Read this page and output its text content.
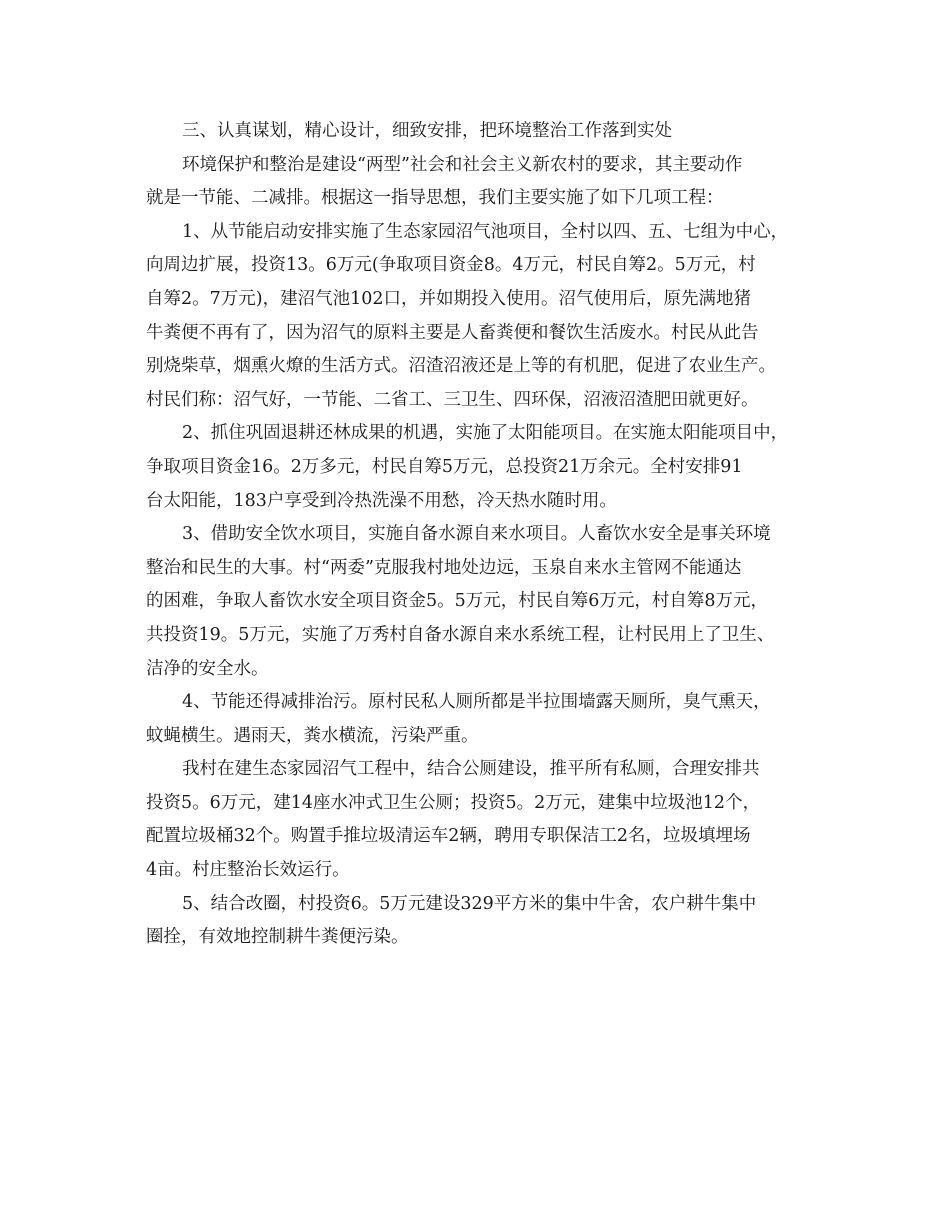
三、认真谋划，精心设计，细致安排，把环境整治工作落到实处
环境保护和整治是建设“两型”社会和社会主义新农村的要求，其主要动作
就是一节能、二减排。根据这一指导思想，我们主要实施了如下几项工程：
1、从节能启动安排实施了生态家园沼气池项目，全村以四、五、七组为中心，
向周边扩展，投资13。6万元(争取项目资金8。4万元，村民自筹2。5万元，村
自筹2。7万元)，建沼气池102口，并如期投入使用。沼气使用后，原先满地猪
牛粪便不再有了，因为沼气的原料主要是人畜粪便和餐饮生活废水。村民从此告
别烧柴草，烟熏火燎的生活方式。沼渣沼液还是上等的有机肥，促进了农业生产。
村民们称：沼气好，一节能、二省工、三卫生、四环保，沼液沼渣肥田就更好。
2、抓住巩固退耕还林成果的机遇，实施了太阳能项目。在实施太阳能项目中，
争取项目资金16。2万多元，村民自筹5万元，总投资21万余元。全村安排91
台太阳能，183户享受到冷热洗澡不用愁，冷天热水随时用。
3、借助安全饮水项目，实施自备水源自来水项目。人畜饮水安全是事关环境
整治和民生的大事。村“两委”克服我村地处边远，玉泉自来水主管网不能通达
的困难，争取人畜饮水安全项目资金5。5万元，村民自筹6万元，村自筹8万元，
共投资19。5万元，实施了万秀村自备水源自来水系统工程，让村民用上了卫生、
洁净的安全水。
4、节能还得减排治污。原村民私人厕所都是半拉围墙露天厕所，臭气熏天，
蚊蝇横生。遇雨天，粪水横流，污染严重。
我村在建生态家园沼气工程中，结合公厕建设，推平所有私厕，合理安排共
投资5。6万元，建14座水冲式卫生公厕；投资5。2万元，建集中垃圾池12个，
配置垃圾桶32个。购置手推垃圾清运车2辆，聘用专职保洁工2名，垃圾填埋场
4亩。村庄整治长效运行。
5、结合改圈，村投资6。5万元建设329平方米的集中牛舍，农户耕牛集中
圈拴，有效地控制耕牛粪便污染。
